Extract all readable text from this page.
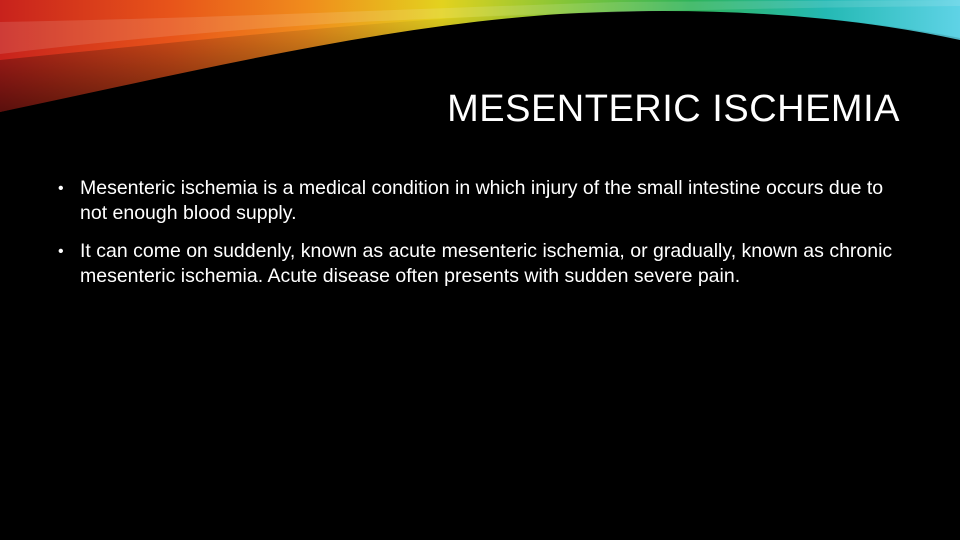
MESENTERIC ISCHEMIA
• Mesenteric ischemia is a medical condition in which injury of the small intestine occurs due to not enough blood supply.
• It can come on suddenly, known as acute mesenteric ischemia, or gradually, known as chronic mesenteric ischemia. Acute disease often presents with sudden severe pain.
